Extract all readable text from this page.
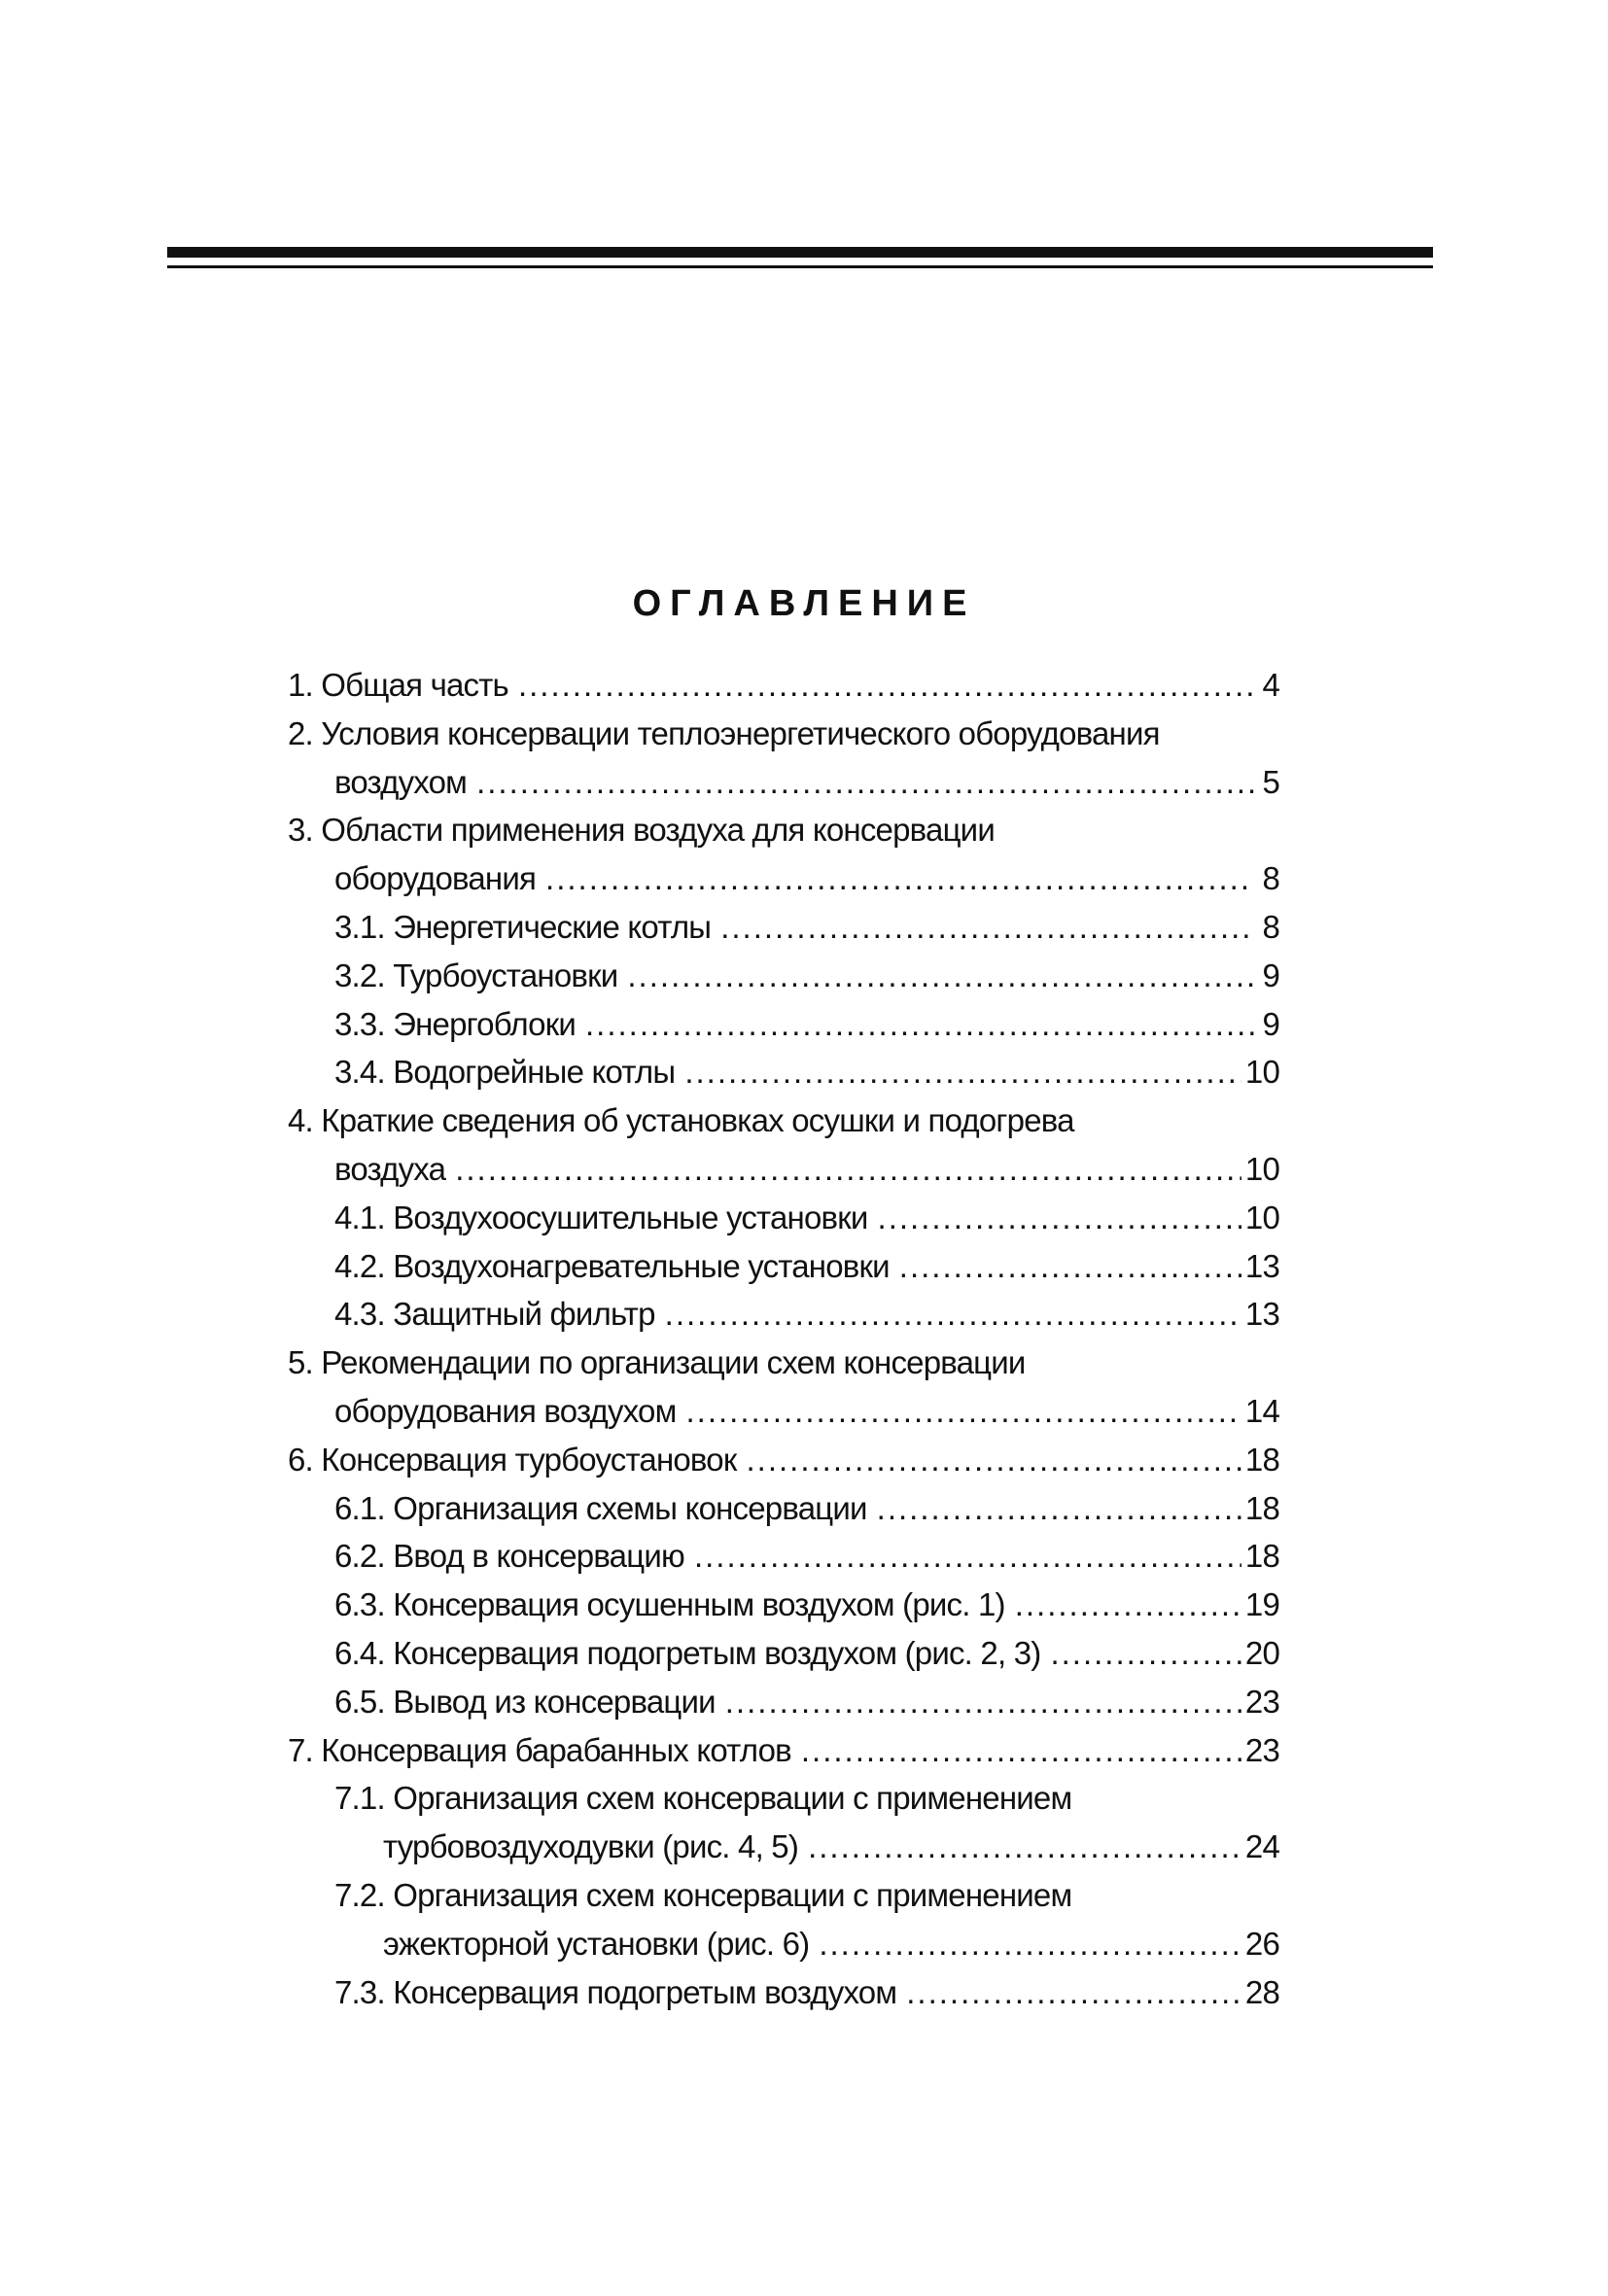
ОГЛАВЛЕНИЕ
1. Общая часть .....	4
2. Условия консервации теплоэнергетического оборудования
воздухом .....	5
3. Области применения воздуха для консервации
оборудования .....	8
3.1. Энергетические котлы .....	8
3.2. Турбоустановки .....	9
3.3. Энергоблоки .....	9
3.4. Водогрейные котлы .....	10
4. Краткие сведения об установках осушки и подогрева
воздуха .....	10
4.1. Воздухоосушительные установки .....	10
4.2. Воздухонагревательные установки .....	13
4.3. Защитный фильтр .....	13
5. Рекомендации по организации схем консервации
оборудования воздухом .....	14
6. Консервация турбоустановок .....	18
6.1. Организация схемы консервации .....	18
6.2. Ввод в консервацию .....	18
6.3. Консервация осушенным воздухом (рис. 1) .....	19
6.4. Консервация подогретым воздухом (рис. 2, 3) .....	20
6.5. Вывод из консервации .....	23
7. Консервация барабанных котлов .....	23
7.1. Организация схем консервации с применением
турбовоздуходувки (рис. 4, 5) .....	24
7.2. Организация схем консервации с применением
эжекторной установки (рис. 6) .....	26
7.3. Консервация подогретым воздухом .....	28
